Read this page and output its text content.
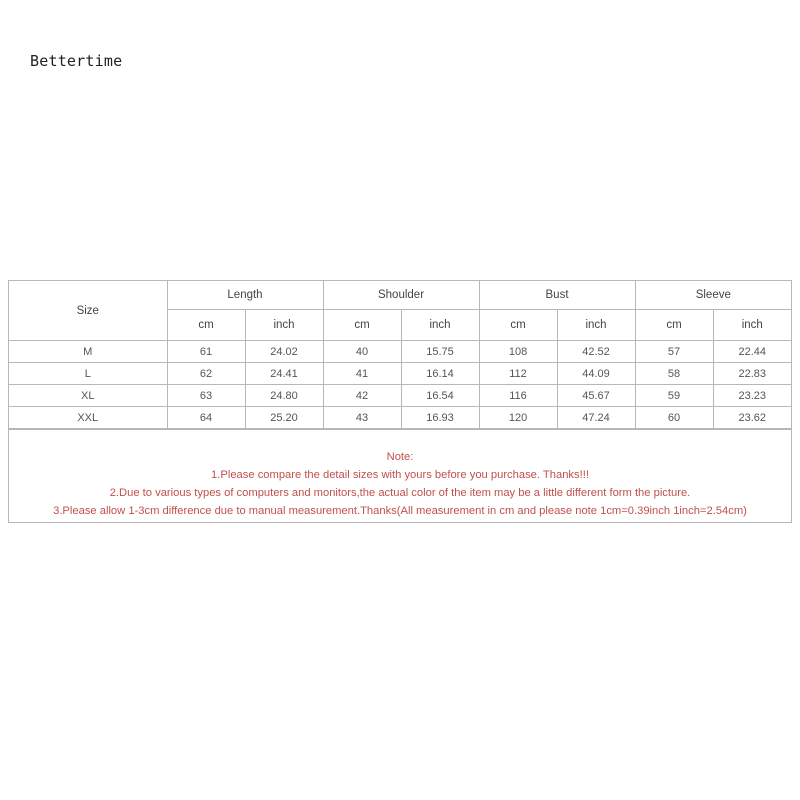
Bettertime
Size	Length		Shoulder		Bust		Sleeve	
	cm	inch	cm	inch	cm	inch	cm	inch
M	61	24.02	40	15.75	108	42.52	57	22.44
L	62	24.41	41	16.14	112	44.09	58	22.83
XL	63	24.80	42	16.54	116	45.67	59	23.23
XXL	64	25.20	43	16.93	120	47.24	60	23.62
Note:
1.Please compare the detail sizes with yours before you purchase. Thanks!!!
2.Due to various types of computers and monitors,the actual color of the item may be a little different form the picture.
3.Please allow 1-3cm difference due to manual measurement.Thanks(All measurement in cm and please note 1cm=0.39inch 1inch=2.54cm)
